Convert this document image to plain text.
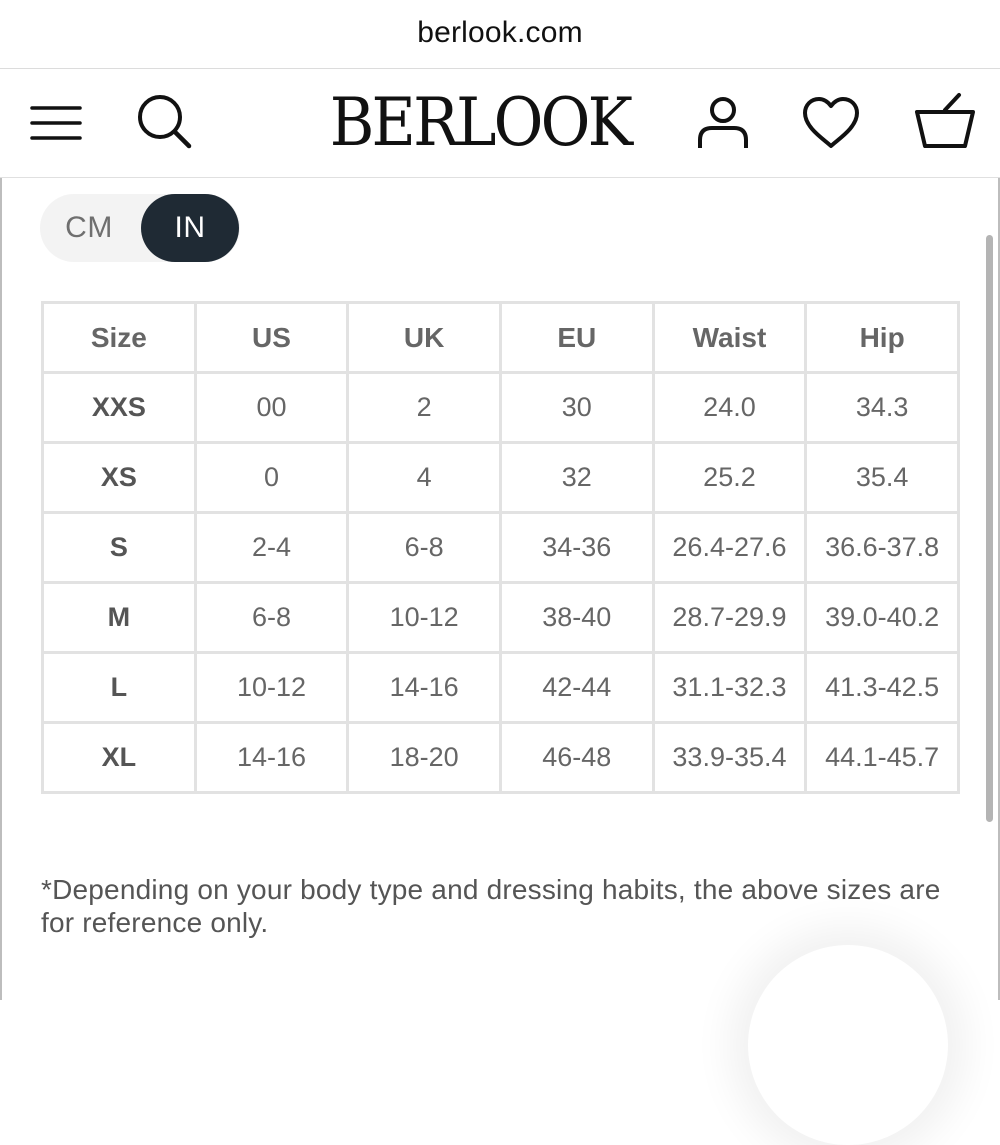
berlook.com
BERLOOK
CM	IN
Size	US	UK	EU	Waist	Hip
XXS	00	2	30	24.0	34.3
XS	0	4	32	25.2	35.4
S	2-4	6-8	34-36	26.4-27.6	36.6-37.8
M	6-8	10-12	38-40	28.7-29.9	39.0-40.2
L	10-12	14-16	42-44	31.1-32.3	41.3-42.5
XL	14-16	18-20	46-48	33.9-35.4	44.1-45.7
*Depending on your body type and dressing habits, the above sizes are for reference only.
